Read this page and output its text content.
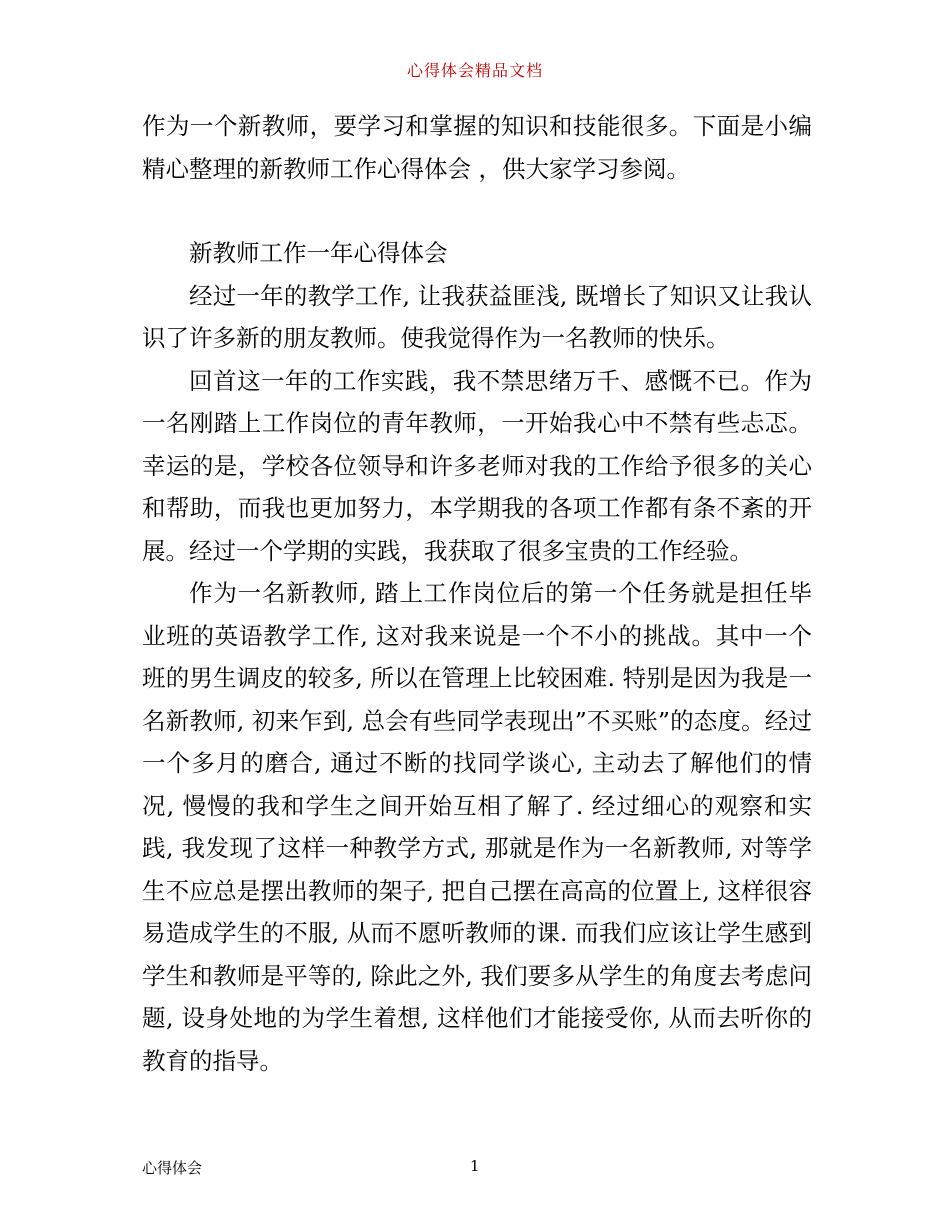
心得体会精品文档

作为一个新教师，要学习和掌握的知识和技能很多。下面是小编精心整理的新教师工作心得体会 ，供大家学习参阅。

新教师工作一年心得体会

经过一年的教学工作, 让我获益匪浅, 既增长了知识又让我认识了许多新的朋友教师。使我觉得作为一名教师的快乐。

回首这一年的工作实践，我不禁思绪万千、感慨不已。作为一名刚踏上工作岗位的青年教师，一开始我心中不禁有些忐忑。幸运的是，学校各位领导和许多老师对我的工作给予很多的关心和帮助，而我也更加努力，本学期我的各项工作都有条不紊的开展。经过一个学期的实践，我获取了很多宝贵的工作经验。

作为一名新教师, 踏上工作岗位后的第一个任务就是担任毕业班的英语教学工作, 这对我来说是一个不小的挑战。其中一个班的男生调皮的较多, 所以在管理上比较困难. 特别是因为我是一名新教师, 初来乍到, 总会有些同学表现出”不买账”的态度。经过一个多月的磨合, 通过不断的找同学谈心, 主动去了解他们的情况, 慢慢的我和学生之间开始互相了解了. 经过细心的观察和实践, 我发现了这样一种教学方式, 那就是作为一名新教师, 对等学生不应总是摆出教师的架子, 把自己摆在高高的位置上, 这样很容易造成学生的不服, 从而不愿听教师的课. 而我们应该让学生感到学生和教师是平等的, 除此之外, 我们要多从学生的角度去考虑问题, 设身处地的为学生着想, 这样他们才能接受你, 从而去听你的教育的指导。

心得体会	1
